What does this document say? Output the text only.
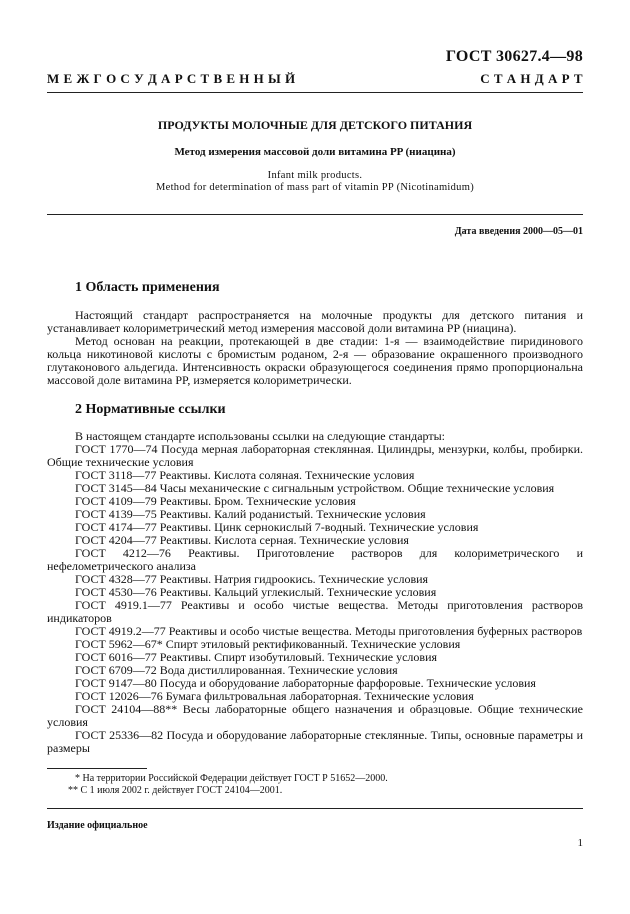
ГОСТ 30627.4—98
М Е Ж Г О С У Д А Р С Т В Е Н Н Ы Й	С Т А Н Д А Р Т
ПРОДУКТЫ МОЛОЧНЫЕ ДЛЯ ДЕТСКОГО ПИТАНИЯ
Метод измерения массовой доли витамина PP (ниацина)
Infant milk products.
Method for determination of mass part of vitamin PP (Nicotinamidum)
Дата введения 2000—05—01
1 Область применения

Настоящий стандарт распространяется на молочные продукты для детского питания и устанавливает колориметрический метод измерения массовой доли витамина PP (ниацина).

Метод основан на реакции, протекающей в две стадии: 1-я — взаимодействие пиридинового кольца никотиновой кислоты с бромистым роданом, 2-я — образование окрашенного производного глутаконового альдегида. Интенсивность окраски образующегося соединения прямо пропорциональна массовой доле витамина PP, измеряется колориметрически.

2 Нормативные ссылки

В настоящем стандарте использованы ссылки на следующие стандарты:

ГОСТ 1770—74 Посуда мерная лабораторная стеклянная. Цилиндры, мензурки, колбы, пробирки. Общие технические условия

ГОСТ 3118—77 Реактивы. Кислота соляная. Технические условия

ГОСТ 3145—84 Часы механические с сигнальным устройством. Общие технические условия

ГОСТ 4109—79 Реактивы. Бром. Технические условия

ГОСТ 4139—75 Реактивы. Калий роданистый. Технические условия

ГОСТ 4174—77 Реактивы. Цинк сернокислый 7-водный. Технические условия

ГОСТ 4204—77 Реактивы. Кислота серная. Технические условия

ГОСТ 4212—76 Реактивы. Приготовление растворов для колориметрического и нефелометрического анализа

ГОСТ 4328—77 Реактивы. Натрия гидроокись. Технические условия

ГОСТ 4530—76 Реактивы. Кальций углекислый. Технические условия

ГОСТ 4919.1—77 Реактивы и особо чистые вещества. Методы приготовления растворов индикаторов

ГОСТ 4919.2—77 Реактивы и особо чистые вещества. Методы приготовления буферных растворов

ГОСТ 5962—67* Спирт этиловый ректификованный. Технические условия

ГОСТ 6016—77 Реактивы. Спирт изобутиловый. Технические условия

ГОСТ 6709—72 Вода дистиллированная. Технические условия

ГОСТ 9147—80 Посуда и оборудование лабораторные фарфоровые. Технические условия

ГОСТ 12026—76 Бумага фильтровальная лабораторная. Технические условия

ГОСТ 24104—88** Весы лабораторные общего назначения и образцовые. Общие технические условия

ГОСТ 25336—82 Посуда и оборудование лабораторные стеклянные. Типы, основные параметры и размеры

* На территории Российской Федерации действует ГОСТ Р 51652—2000.
** С 1 июля 2002 г. действует ГОСТ 24104—2001.
Издание официальное
1
